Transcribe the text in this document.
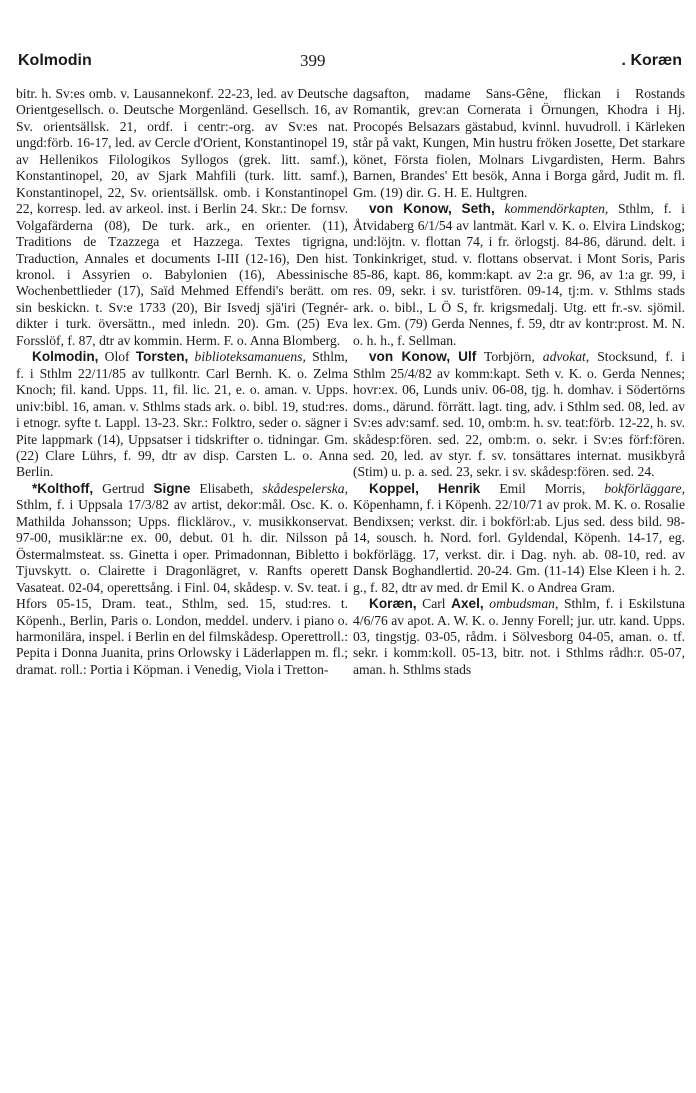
Kolmodin	399	. Koræn

bitr. h. Sv:es omb. v. Lausannekonf. 22-23, led. av Deutsche Orientgesellsch. o. Deutsche Morgenländ. Gesellsch. 16, av Sv. orientsällsk. 21, ordf. i centr:-org. av Sv:es nat. ungd:förb. 16-17, led. av Cercle d'Orient, Konstantinopel 19, av Hellenikos Filologikos Syllogos (grek. litt. samf.), Konstantinopel, 20, av Sjark Mahfili (turk. litt. samf.), Konstantinopel, 22, Sv. orientsällsk. omb. i Konstantinopel 22, korresp. led. av arkeol. inst. i Berlin 24. Skr.: De fornsv. Volgafärderna (08), De turk. ark., en orienter. (11), Traditions de Tzazzega et Hazzega. Textes tigrigna, Traduction, Annales et documents I-III (12-16), Den hist. kronol. i Assyrien o. Babylonien (16), Abessinische Wochenbettlieder (17), Saïd Mehmed Effendi's berätt. om sin beskickn. t. Sv:e 1733 (20), Bir Isvedj sjä'iri (Tegnér-dikter i turk. översättn., med inledn. 20). Gm. (25) Eva Forsslöf, f. 87, dtr av kommin. Herm. F. o. Anna Blomberg.

Kolmodin, Olof Torsten, biblioteksamanuens, Sthlm, f. i Sthlm 22/11/85 av tullkontr. Carl Bernh. K. o. Zelma Knoch; fil. kand. Upps. 11, fil. lic. 21, e. o. aman. v. Upps. univ:bibl. 16, aman. v. Sthlms stads ark. o. bibl. 19, stud:res. i etnogr. syfte t. Lappl. 13-23. Skr.: Folktro, seder o. sägner i Pite lappmark (14), Uppsatser i tidskrifter o. tidningar. Gm. (22) Clare Lührs, f. 99, dtr av disp. Carsten L. o. Anna Berlin.

*Kolthoff, Gertrud Signe Elisabeth, skådespelerska, Sthlm, f. i Uppsala 17/3/82 av artist, dekor:mål. Osc. K. o. Mathilda Johansson; Upps. flicklärov., v. musikkonservat. 97-00, musiklär:ne ex. 00, debut. 01 h. dir. Nilsson på Östermalmsteat. ss. Ginetta i oper. Primadonnan, Bibletto i Tjuvskytt. o. Clairette i Dragonlägret, v. Ranfts operett Vasateat. 02-04, operettsång. i Finl. 04, skådesp. v. Sv. teat. i Hfors 05-15, Dram. teat., Sthlm, sed. 15, stud:res. t. Köpenh., Berlin, Paris o. London, meddel. underv. i piano o. harmonilära, inspel. i Berlin en del filmskådesp. Operettroll.: Pepita i Donna Juanita, prins Orlowsky i Läderlappen m. fl.; dramat. roll.: Portia i Köpman. i Venedig, Viola i Tretton-

dagsafton, madame Sans-Gêne, flickan i Rostands Romantik, grev:an Cornerata i Örnungen, Khodra i Hj. Procopés Belsazars gästabud, kvinnl. huvudroll. i Kärleken står på vakt, Kungen, Min hustru fröken Josette, Det starkare könet, Första fiolen, Molnars Livgardisten, Herm. Bahrs Barnen, Brandes' Ett besök, Anna i Borga gård, Judit m. fl. Gm. (19) dir. G. H. E. Hultgren.

von Konow, Seth, kommendörkapten, Sthlm, f. i Åtvidaberg 6/1/54 av lantmät. Karl v. K. o. Elvira Lindskog; und:löjtn. v. flottan 74, i fr. örlogstj. 84-86, därund. delt. i Tonkinkriget, stud. v. flottans observat. i Mont Soris, Paris 85-86, kapt. 86, komm:kapt. av 2:a gr. 96, av 1:a gr. 99, i res. 09, sekr. i sv. turistfören. 09-14, tj:m. v. Sthlms stads ark. o. bibl., L Ö S, fr. krigsmedalj. Utg. ett fr.-sv. sjömil. lex. Gm. (79) Gerda Nennes, f. 59, dtr av kontr:prost. M. N. o. h. h., f. Sellman.

von Konow, Ulf Torbjörn, advokat, Stocksund, f. i Sthlm 25/4/82 av komm:kapt. Seth v. K. o. Gerda Nennes; hovr:ex. 06, Lunds univ. 06-08, tjg. h. domhav. i Södertörns doms., därund. förrätt. lagt. ting, adv. i Sthlm sed. 08, led. av Sv:es adv:samf. sed. 10, omb:m. h. sv. teat:förb. 12-22, h. sv. skådesp:fören. sed. 22, omb:m. o. sekr. i Sv:es förf:fören. sed. 20, led. av styr. f. sv. tonsättares internat. musikbyrå (Stim) u. p. a. sed. 23, sekr. i sv. skådesp:fören. sed. 24.

Koppel, Henrik Emil Morris, bokförläggare, Köpenhamn, f. i Köpenh. 22/10/71 av prok. M. K. o. Rosalie Bendixsen; verkst. dir. i bokförl:ab. Ljus sed. dess bild. 98-14, sousch. h. Nord. forl. Gyldendal, Köpenh. 14-17, eg. bokförlägg. 17, verkst. dir. i Dag. nyh. ab. 08-10, red. av Dansk Boghandlertid. 20-24. Gm. (11-14) Else Kleen i h. 2. g., f. 82, dtr av med. dr Emil K. o Andrea Gram.

Koræn, Carl Axel, ombudsman, Sthlm, f. i Eskilstuna 4/6/76 av apot. A. W. K. o. Jenny Forell; jur. utr. kand. Upps. 03, tingstjg. 03-05, rådm. i Sölvesborg 04-05, aman. o. tf. sekr. i komm:koll. 05-13, bitr. not. i Sthlms rådh:r. 05-07, aman. h. Sthlms stads
